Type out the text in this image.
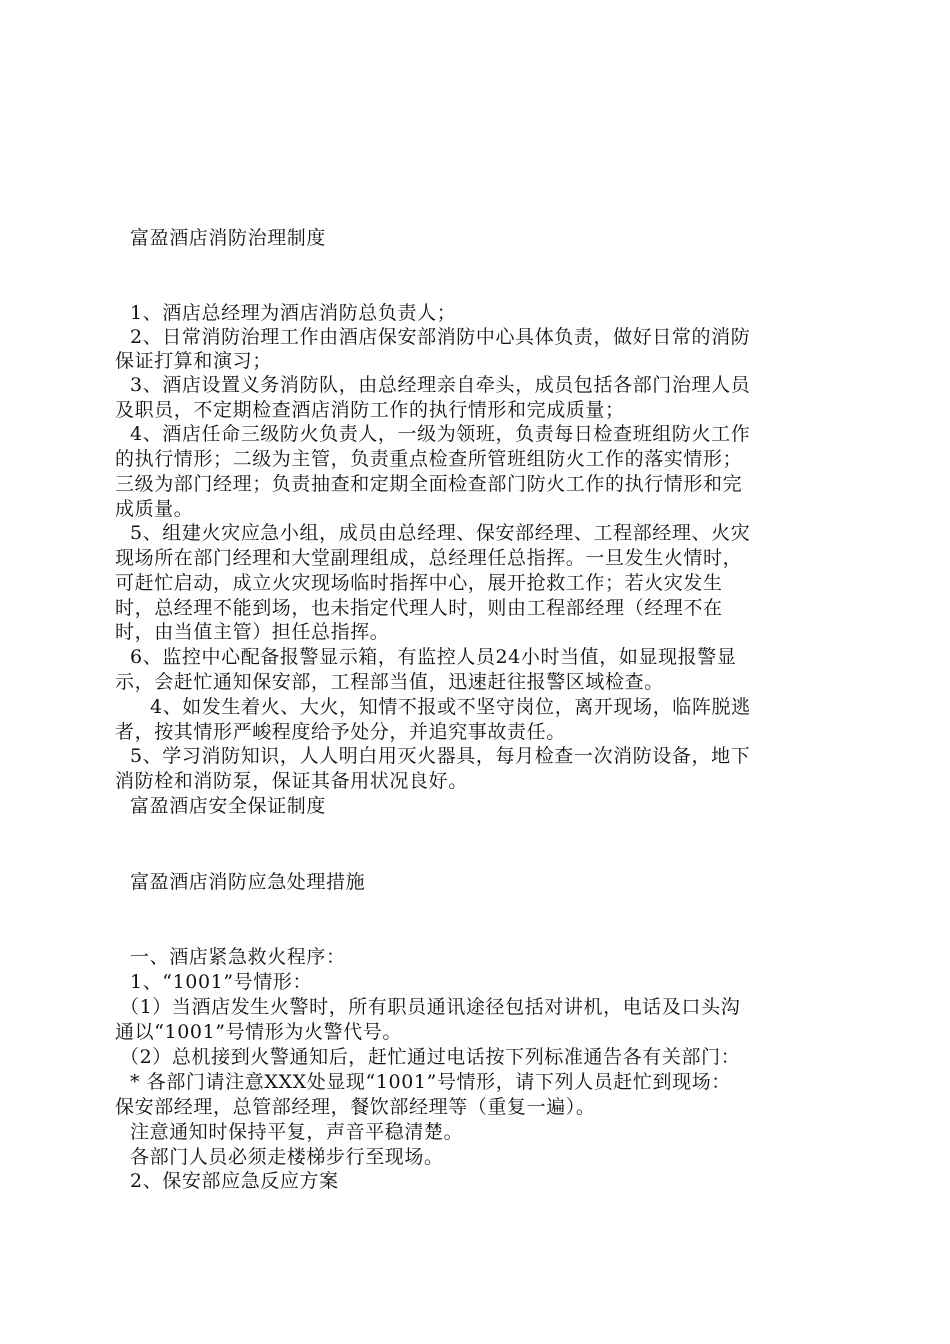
富盈酒店消防治理制度
1、酒店总经理为酒店消防总负责人；
2、日常消防治理工作由酒店保安部消防中心具体负责，做好日常的消防
保证打算和演习；
3、酒店设置义务消防队，由总经理亲自牵头，成员包括各部门治理人员
及职员，不定期检查酒店消防工作的执行情形和完成质量；
4、酒店任命三级防火负责人，一级为领班，负责每日检查班组防火工作
的执行情形；二级为主管，负责重点检查所管班组防火工作的落实情形；
三级为部门经理；负责抽查和定期全面检查部门防火工作的执行情形和完
成质量。
5、组建火灾应急小组，成员由总经理、保安部经理、工程部经理、火灾
现场所在部门经理和大堂副理组成，总经理任总指挥。一旦发生火情时，
可赶忙启动，成立火灾现场临时指挥中心，展开抢救工作；若火灾发生
时，总经理不能到场，也未指定代理人时，则由工程部经理（经理不在
时，由当值主管）担任总指挥。
6、监控中心配备报警显示箱，有监控人员24小时当值，如显现报警显
示，会赶忙通知保安部，工程部当值，迅速赶往报警区域检查。
4、如发生着火、大火，知情不报或不坚守岗位，离开现场，临阵脱逃
者，按其情形严峻程度给予处分，并追究事故责任。
5、学习消防知识，人人明白用灭火器具，每月检查一次消防设备，地下
消防栓和消防泵，保证其备用状况良好。
富盈酒店安全保证制度
富盈酒店消防应急处理措施
一、酒店紧急救火程序：
1、“1001”号情形：
（1）当酒店发生火警时，所有职员通讯途径包括对讲机，电话及口头沟
通以“1001”号情形为火警代号。
（2）总机接到火警通知后，赶忙通过电话按下列标准通告各有关部门：
* 各部门请注意XXX处显现“1001”号情形，请下列人员赶忙到现场：
保安部经理，总管部经理，餐饮部经理等（重复一遍）。
注意通知时保持平复，声音平稳清楚。
各部门人员必须走楼梯步行至现场。
2、保安部应急反应方案
